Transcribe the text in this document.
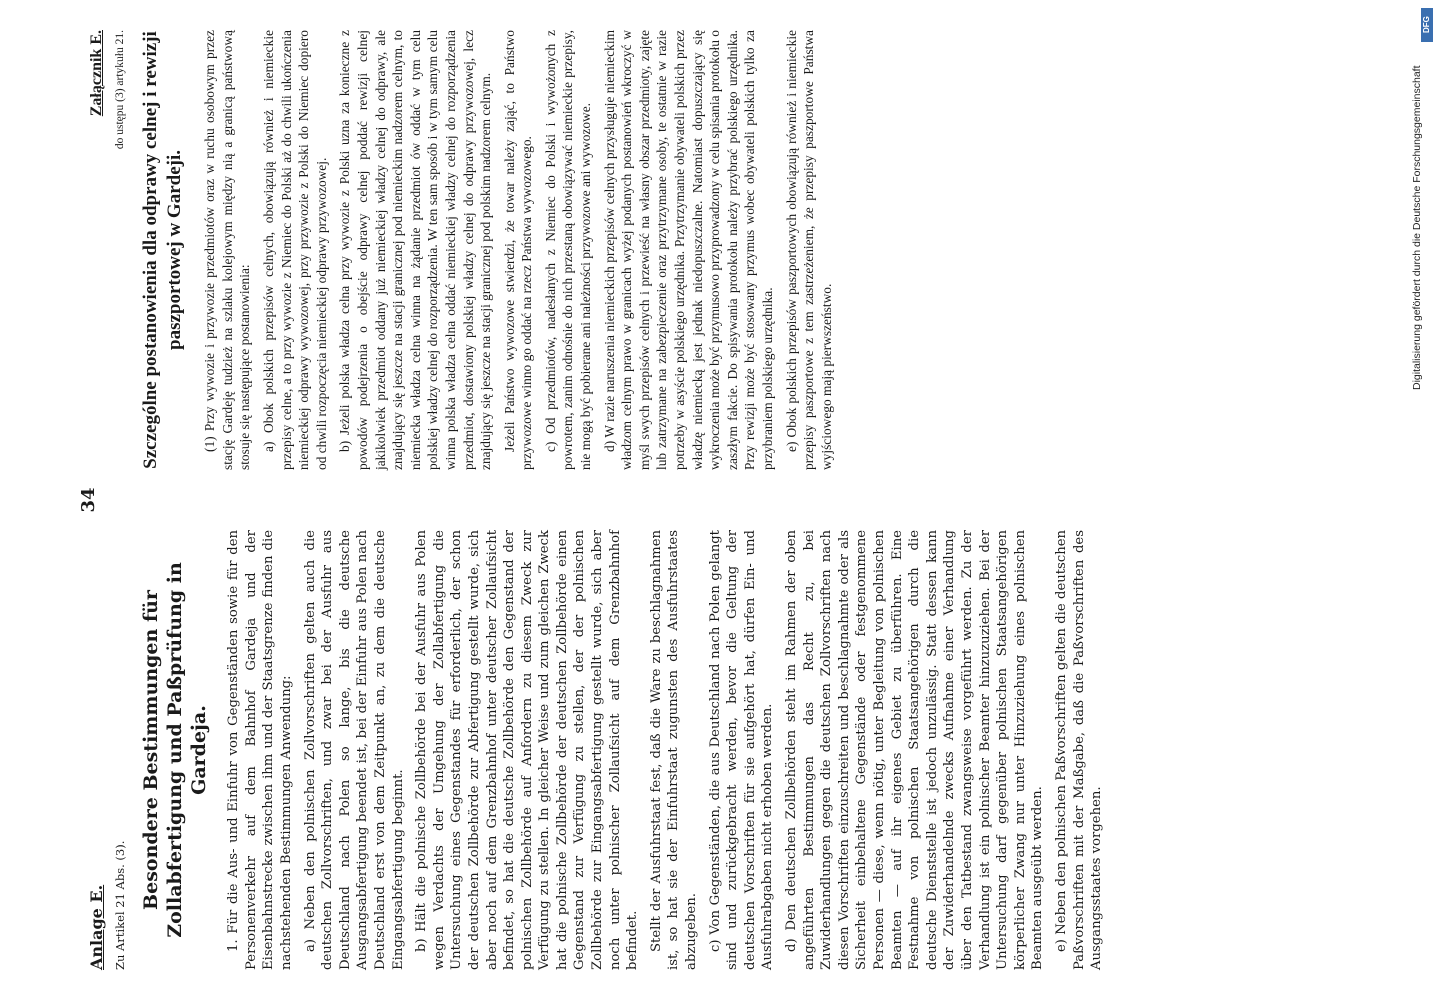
Anlage E. Zu Artikel 21 Abs. (3). Besondere Bestimmungen für Zollabfertigung und Paßprüfung in Gardeja. 1. Für die Aus- und Einfuhr von Gegenständen sowie für den Personenverkehr auf dem Bahnhof Gardeja und der Eisenbahnstrecke zwischen ihm und der Staatsgrenze finden die nachstehenden Bestimmungen Anwendung: a) Neben den polnischen Zollvorschriften gelten auch die deutschen Zollvorschriften, und zwar bei der Ausfuhr aus Deutschland nach Polen so lange, bis die deutsche Ausgangsabfertigung beendet ist, bei der Einfuhr aus Polen nach Deutschland erst von dem Zeitpunkt an, zu dem die deutsche Eingangsabfertigung beginnt. b) Hält die polnische Zollbehörde bei der Ausfuhr aus Polen wegen Verdachts der Umgehung der Zollabfertigung die Untersuchung eines Gegenstandes für erforderlich, der schon der deutschen Zollbehörde zur Abfertigung gestellt wurde, sich aber noch auf dem Grenzbahnhof unter deutscher Zollaufsicht befindet, so hat die deutsche Zollbehörde den Gegenstand der polnischen Zollbehörde auf Anfordern zu diesem Zweck zur Verfügung zu stellen. In gleicher Weise und zum gleichen Zweck hat die polnische Zollbehörde der deutschen Zollbehörde einen Gegenstand zur Verfügung zu stellen, der der polnischen Zollbehörde zur Eingangsabfertigung gestellt wurde, sich aber noch unter polnischer Zollaufsicht auf dem Grenzbahnhof befindet. Stellt der Ausfuhrstaat fest, daß die Ware zu beschlagnahmen ist, so hat sie der Einfuhrstaat zugunsten des Ausfuhrstaates abzugeben. c) Von Gegenständen, die aus Deutschland nach Polen gelangt sind und zurückgebracht werden, bevor die Geltung der deutschen Vorschriften für sie aufgehört hat, dürfen Ein- und Ausfuhrabgaben nicht erhoben werden. d) Den deutschen Zollbehörden steht im Rahmen der oben angeführten Bestimmungen das Recht zu, bei Zuwiderhandlungen gegen die deutschen Zollvorschriften nach diesen Vorschriften einzuschreiten und beschlagnahmte oder als Sicherheit einbehaltene Gegenstände oder festgenommene Personen — diese, wenn nötig, unter Begleitung von polnischen Beamten — auf ihr eigenes Gebiet zu überführen. Eine Festnahme von polnischen Staatsangehörigen durch die deutsche Dienststelle ist jedoch unzulässig. Statt dessen kann der Zuwiderhandelnde zwecks Aufnahme einer Verhandlung über den Tatbestand zwangsweise vorgeführt werden. Zu der Verhandlung ist ein polnischer Beamter hinzuzuziehen. Bei der Untersuchung darf gegenüber polnischen Staatsangehörigen körperlicher Zwang nur unter Hinzuziehung eines polnischen Beamten ausgeübt werden. e) Neben den polnischen Paßvorschriften gelten die deutschen Paßvorschriften mit der Maßgabe, daß die Paßvorschriften des Ausgangsstaates vorgehen.

34
Załącznik E. do ustępu (3) artykułu 21. Szczególne postanowienia dla odprawy celnej i rewizji paszportowej w Gardeji. (1) Przy wywozie i przywozie przedmiotów oraz w ruchu osobowym przez stację Gardeję tudzież na szlaku kolejowym między nią a granicą państwową stosuje się następujące postanowienia: a) Obok polskich przepisów celnych, obowiązują również i niemieckie przepisy celne, a to przy wywozie z Niemiec do Polski aż do chwili ukończenia niemieckiej odprawy wywozowej, przy przywozie z Polski do Niemiec dopiero od chwili rozpoczęcia niemieckiej odprawy przywozowej. b) Jeżeli polska władza celna przy wywozie z Polski uzna za konieczne z powodów podejrzenia o obejście odprawy celnej poddać rewizji celnej jakikolwiek przedmiot oddany już niemieckiej władzy celnej do odprawy, ale znajdujący się jeszcze na stacji granicznej pod niemieckim nadzorem celnym, to niemiecka władza celna winna na żądanie przedmiot ów oddać w tym celu polskiej władzy celnej do rozporządzenia. W ten sam sposób i w tym samym celu winna polska władza celna oddać niemieckiej władzy celnej do rozporządzenia przedmiot, dostawiony polskiej władzy celnej do odprawy przywozowej, lecz znajdujący się jeszcze na stacji granicznej pod polskim nadzorem celnym. Jeżeli Państwo wywozowe stwierdzi, że towar należy zająć, to Państwo przywozowe winno go oddać na rzecz Państwa wywozowego. c) Od przedmiotów, nadesłanych z Niemiec do Polski i wywożonych z powrotem, zanim odnośnie do nich przestaną obowiązywać niemieckie przepisy, nie mogą być pobierane ani należności przywozowe ani wywozowe. d) W razie naruszenia niemieckich przepisów celnych przysługuje niemieckim władzom celnym prawo w granicach wyżej podanych postanowień wkroczyć w myśl swych przepisów celnych i przewieść na własny obszar przedmioty, zajęte lub zatrzymane na zabezpieczenie oraz przytrzymane osoby, te ostatnie w razie potrzeby w asyście polskiego urzędnika. Przytrzymanie obywateli polskich przez władzę niemiecką jest jednak niedopuszczalne. Natomiast dopuszczający się wykroczenia może być przymusowo przyprowadzony w celu spisania protokołu o zaszłym fakcie. Do spisywania protokołu należy przybrać polskiego urzędnika. Przy rewizji może być stosowany przymus wobec obywateli polskich tylko za przybraniem polskiego urzędnika. e) Obok polskich przepisów paszportowych obowiązują również i niemieckie przepisy paszportowe z tem zastrzeżeniem, że przepisy paszportowe Państwa wyjściowego mają pierwszeństwo.

DFG
Digitalisierung gefördert durch die Deutsche Forschungsgemeinschaft
